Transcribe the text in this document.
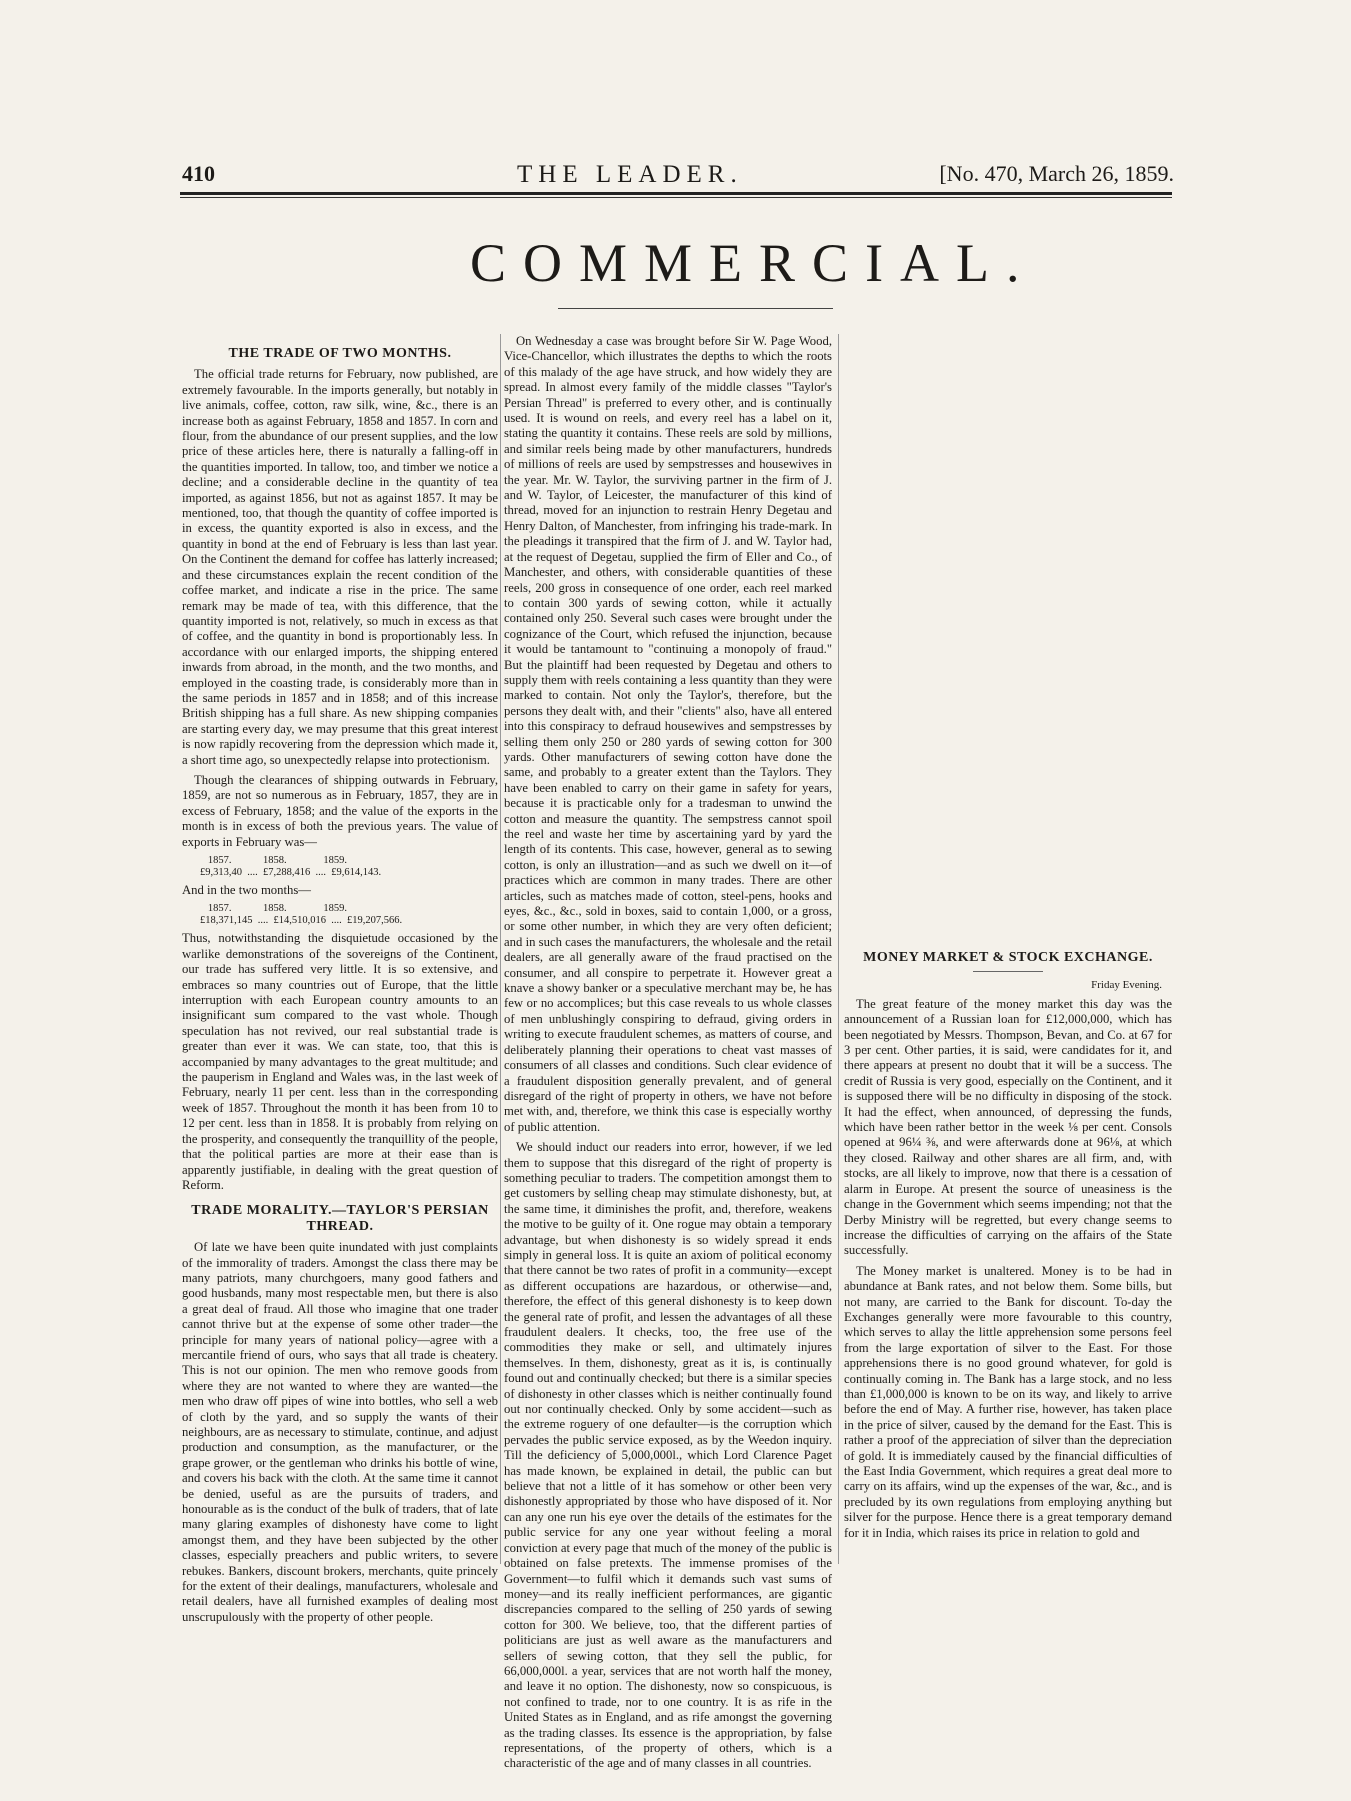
410	THE LEADER.	[No. 470, March 26, 1859.
COMMERCIAL.
THE TRADE OF TWO MONTHS.

The official trade returns for February, now published, are extremely favourable. In the imports generally, but notably in live animals, coffee, cotton, raw silk, wine, &c., there is an increase both as against February, 1858 and 1857. In corn and flour, from the abundance of our present supplies, and the low price of these articles here, there is naturally a falling-off in the quantities imported. In tallow, too, and timber we notice a decline; and a considerable decline in the quantity of tea imported, as against 1856, but not as against 1857. It may be mentioned, too, that though the quantity of coffee imported is in excess, the quantity exported is also in excess, and the quantity in bond at the end of February is less than last year. On the Continent the demand for coffee has latterly increased; and these circumstances explain the recent condition of the coffee market, and indicate a rise in the price. The same remark may be made of tea, with this difference, that the quantity imported is not, relatively, so much in excess as that of coffee, and the quantity in bond is proportionably less. In accordance with our enlarged imports, the shipping entered inwards from abroad, in the month, and the two months, and employed in the coasting trade, is considerably more than in the same periods in 1857 and in 1858; and of this increase British shipping has a full share. As new shipping companies are starting every day, we may presume that this great interest is now rapidly recovering from the depression which made it, a short time ago, so unexpectedly relapse into protectionism.

Though the clearances of shipping outwards in February, 1859, are not so numerous as in February, 1857, they are in excess of February, 1858; and the value of the exports in the month is in excess of both the previous years. The value of exports in February was—

1857.            1858.              1859.
£9,313,40  ....  £7,288,416  ....  £9,614,143.

And in the two months—

1857.            1858.              1859.
£18,371,145  ....  £14,510,016  ....  £19,207,566.

Thus, notwithstanding the disquietude occasioned by the warlike demonstrations of the sovereigns of the Continent, our trade has suffered very little. It is so extensive, and embraces so many countries out of Europe, that the little interruption with each European country amounts to an insignificant sum compared to the vast whole. Though speculation has not revived, our real substantial trade is greater than ever it was. We can state, too, that this is accompanied by many advantages to the great multitude; and the pauperism in England and Wales was, in the last week of February, nearly 11 per cent. less than in the corresponding week of 1857. Throughout the month it has been from 10 to 12 per cent. less than in 1858. It is probably from relying on the prosperity, and consequently the tranquillity of the people, that the political parties are more at their ease than is apparently justifiable, in dealing with the great question of Reform.

TRADE MORALITY.—TAYLOR'S PERSIAN THREAD.

Of late we have been quite inundated with just complaints of the immorality of traders. Amongst the class there may be many patriots, many churchgoers, many good fathers and good husbands, many most respectable men, but there is also a great deal of fraud. All those who imagine that one trader cannot thrive but at the expense of some other trader—the principle for many years of national policy—agree with a mercantile friend of ours, who says that all trade is cheatery. This is not our opinion. The men who remove goods from where they are not wanted to where they are wanted—the men who draw off pipes of wine into bottles, who sell a web of cloth by the yard, and so supply the wants of their neighbours, are as necessary to stimulate, continue, and adjust production and consumption, as the manufacturer, or the grape grower, or the gentleman who drinks his bottle of wine, and covers his back with the cloth. At the same time it cannot be denied, useful as are the pursuits of traders, and honourable as is the conduct of the bulk of traders, that of late many glaring examples of dishonesty have come to light amongst them, and they have been subjected by the other classes, especially preachers and public writers, to severe rebukes. Bankers, discount brokers, merchants, quite princely for the extent of their dealings, manufacturers, wholesale and retail dealers, have all furnished examples of dealing most unscrupulously with the property of other people.

On Wednesday a case was brought before Sir W. Page Wood, Vice-Chancellor, which illustrates the depths to which the roots of this malady of the age have struck, and how widely they are spread. In almost every family of the middle classes "Taylor's Persian Thread" is preferred to every other, and is continually used. It is wound on reels, and every reel has a label on it, stating the quantity it contains. These reels are sold by millions, and similar reels being made by other manufacturers, hundreds of millions of reels are used by sempstresses and housewives in the year. Mr. W. Taylor, the surviving partner in the firm of J. and W. Taylor, of Leicester, the manufacturer of this kind of thread, moved for an injunction to restrain Henry Degetau and Henry Dalton, of Manchester, from infringing his trade-mark. In the pleadings it transpired that the firm of J. and W. Taylor had, at the request of Degetau, supplied the firm of Eller and Co., of Manchester, and others, with considerable quantities of these reels, 200 gross in consequence of one order, each reel marked to contain 300 yards of sewing cotton, while it actually contained only 250. Several such cases were brought under the cognizance of the Court, which refused the injunction, because it would be tantamount to "continuing a monopoly of fraud." But the plaintiff had been requested by Degetau and others to supply them with reels containing a less quantity than they were marked to contain. Not only the Taylor's, therefore, but the persons they dealt with, and their "clients" also, have all entered into this conspiracy to defraud housewives and sempstresses by selling them only 250 or 280 yards of sewing cotton for 300 yards. Other manufacturers of sewing cotton have done the same, and probably to a greater extent than the Taylors. They have been enabled to carry on their game in safety for years, because it is practicable only for a tradesman to unwind the cotton and measure the quantity. The sempstress cannot spoil the reel and waste her time by ascertaining yard by yard the length of its contents. This case, however, general as to sewing cotton, is only an illustration—and as such we dwell on it—of practices which are common in many trades. There are other articles, such as matches made of cotton, steel-pens, hooks and eyes, &c., &c., sold in boxes, said to contain 1,000, or a gross, or some other number, in which they are very often deficient; and in such cases the manufacturers, the wholesale and the retail dealers, are all generally aware of the fraud practised on the consumer, and all conspire to perpetrate it. However great a knave a showy banker or a speculative merchant may be, he has few or no accomplices; but this case reveals to us whole classes of men unblushingly conspiring to defraud, giving orders in writing to execute fraudulent schemes, as matters of course, and deliberately planning their operations to cheat vast masses of consumers of all classes and conditions. Such clear evidence of a fraudulent disposition generally prevalent, and of general disregard of the right of property in others, we have not before met with, and, therefore, we think this case is especially worthy of public attention.

We should induct our readers into error, however, if we led them to suppose that this disregard of the right of property is something peculiar to traders. The competition amongst them to get customers by selling cheap may stimulate dishonesty, but, at the same time, it diminishes the profit, and, therefore, weakens the motive to be guilty of it. One rogue may obtain a temporary advantage, but when dishonesty is so widely spread it ends simply in general loss. It is quite an axiom of political economy that there cannot be two rates of profit in a community—except as different occupations are hazardous, or otherwise—and, therefore, the effect of this general dishonesty is to keep down the general rate of profit, and lessen the advantages of all these fraudulent dealers. It checks, too, the free use of the commodities they make or sell, and ultimately injures themselves. In them, dishonesty, great as it is, is continually found out and continually checked; but there is a similar species of dishonesty in other classes which is neither continually found out nor continually checked. Only by some accident—such as the extreme roguery of one defaulter—is the corruption which pervades the public service exposed, as by the Weedon inquiry. Till the deficiency of 5,000,000l., which Lord Clarence Paget has made known, be explained in detail, the public can but believe that not a little of it has somehow or other been very dishonestly appropriated by those who have disposed of it. Nor can any one run his eye over the details of the estimates for the public service for any one year without feeling a moral conviction at every page that much of the money of the public is obtained on false pretexts. The immense promises of the Government—to fulfil which it demands such vast sums of money—and its really inefficient performances, are gigantic discrepancies compared to the selling of 250 yards of sewing cotton for 300. We believe, too, that the different parties of politicians are just as well aware as the manufacturers and sellers of sewing cotton, that they sell the public, for 66,000,000l. a year, services that are not worth half the money, and leave it no option. The dishonesty, now so conspicuous, is not confined to trade, nor to one country. It is as rife in the United States as in England, and as rife amongst the governing as the trading classes. Its essence is the appropriation, by false representations, of the property of others, which is a characteristic of the age and of many classes in all countries.

MONEY MARKET & STOCK EXCHANGE.
Friday Evening.

The great feature of the money market this day was the announcement of a Russian loan for £12,000,000, which has been negotiated by Messrs. Thompson, Bevan, and Co. at 67 for 3 per cent. Other parties, it is said, were candidates for it, and there appears at present no doubt that it will be a success. The credit of Russia is very good, especially on the Continent, and it is supposed there will be no difficulty in disposing of the stock. It had the effect, when announced, of depressing the funds, which have been rather bettor in the week ⅛ per cent. Consols opened at 96¼ ⅜, and were afterwards done at 96⅛, at which they closed. Railway and other shares are all firm, and, with stocks, are all likely to improve, now that there is a cessation of alarm in Europe. At present the source of uneasiness is the change in the Government which seems impending; not that the Derby Ministry will be regretted, but every change seems to increase the difficulties of carrying on the affairs of the State successfully.

The Money market is unaltered. Money is to be had in abundance at Bank rates, and not below them. Some bills, but not many, are carried to the Bank for discount. To-day the Exchanges generally were more favourable to this country, which serves to allay the little apprehension some persons feel from the large exportation of silver to the East. For those apprehensions there is no good ground whatever, for gold is continually coming in. The Bank has a large stock, and no less than £1,000,000 is known to be on its way, and likely to arrive before the end of May. A further rise, however, has taken place in the price of silver, caused by the demand for the East. This is rather a proof of the appreciation of silver than the depreciation of gold. It is immediately caused by the financial difficulties of the East India Government, which requires a great deal more to carry on its affairs, wind up the expenses of the war, &c., and is precluded by its own regulations from employing anything but silver for the purpose. Hence there is a great temporary demand for it in India, which raises its price in relation to gold and
